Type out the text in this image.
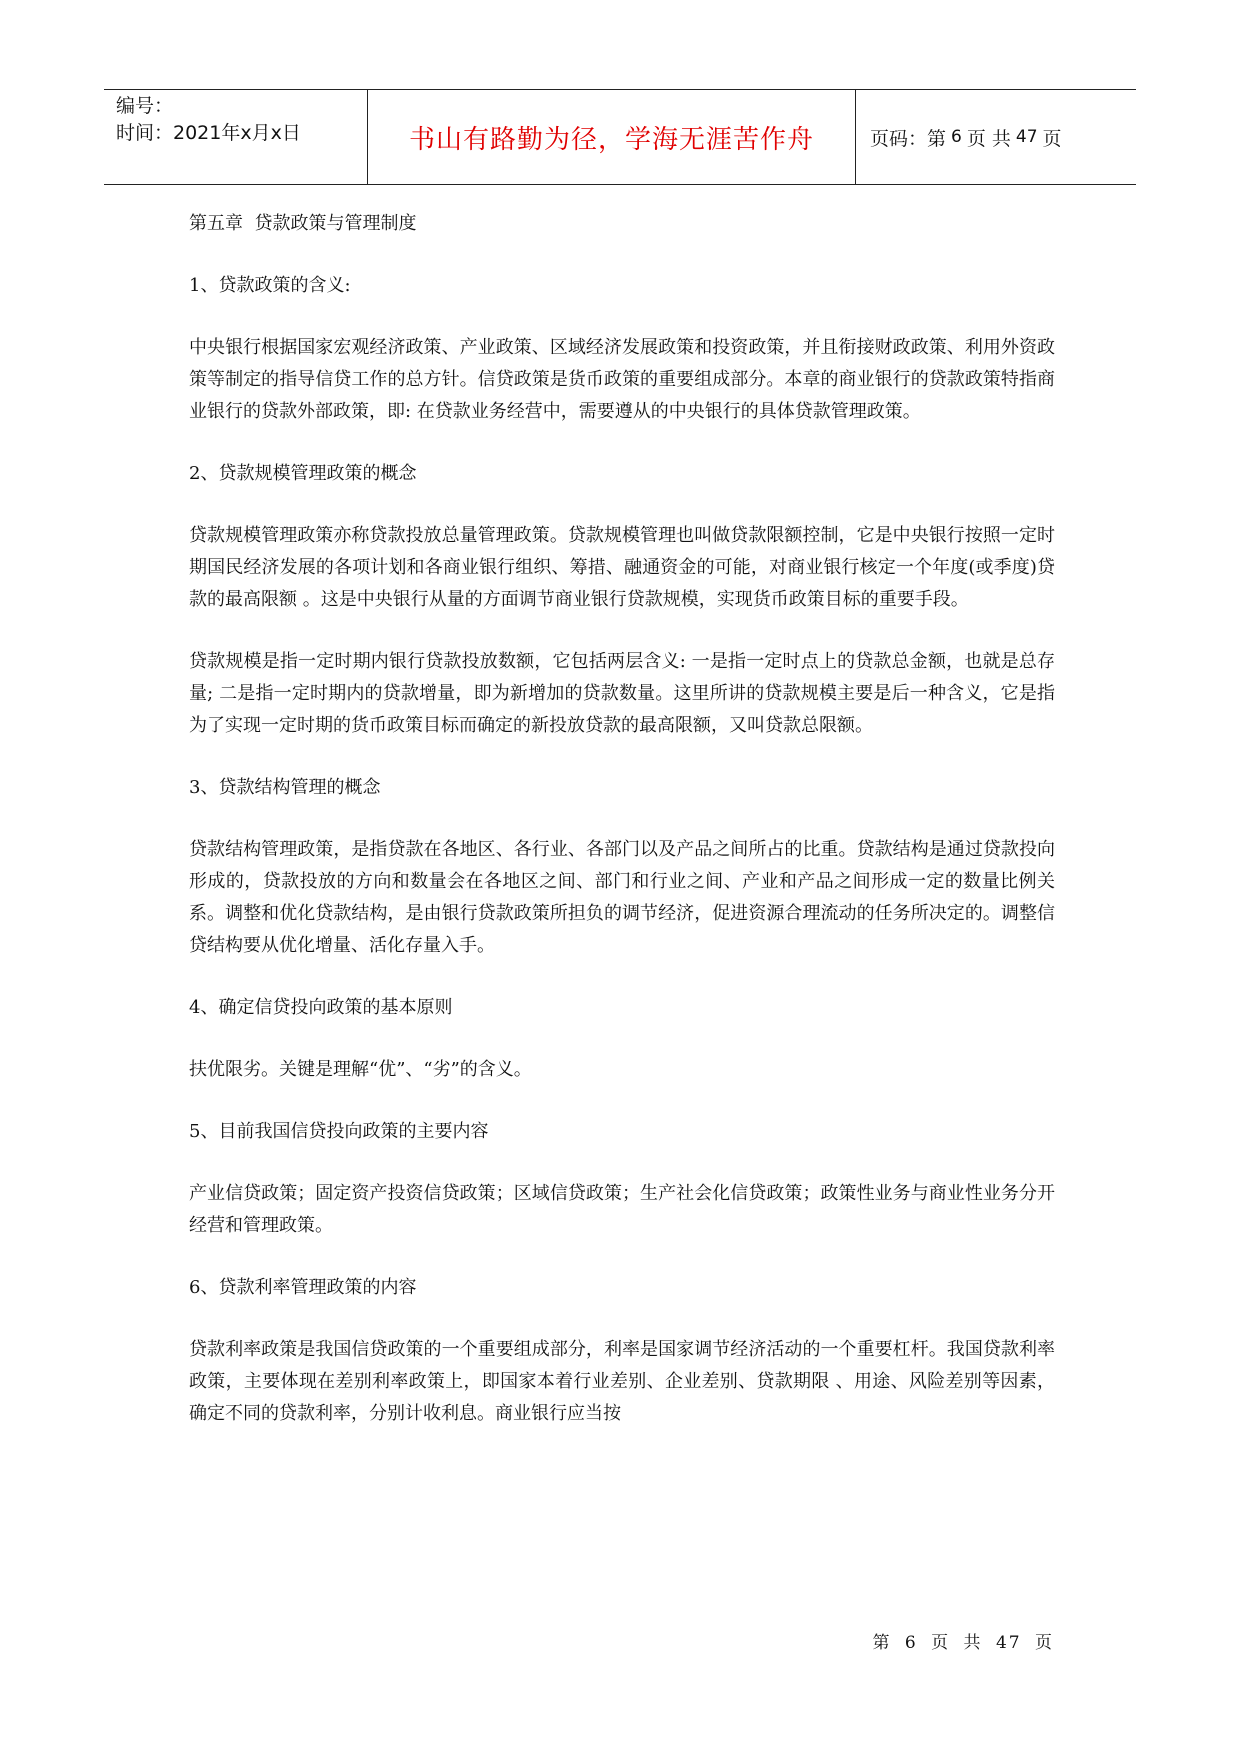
编号：
时间：2021年x月x日	书山有路勤为径，学海无涯苦作舟	页码：第 6 页 共 47 页

第五章  贷款政策与管理制度

1、贷款政策的含义:

中央银行根据国家宏观经济政策、产业政策、区域经济发展政策和投资政策，并且衔接财政政策、利用外资政策等制定的指导信贷工作的总方针。信贷政策是货币政策的重要组成部分。本章的商业银行的贷款政策特指商业银行的贷款外部政策，即: 在贷款业务经营中，需要遵从的中央银行的具体贷款管理政策。

2、贷款规模管理政策的概念

贷款规模管理政策亦称贷款投放总量管理政策。贷款规模管理也叫做贷款限额控制，它是中央银行按照一定时期国民经济发展的各项计划和各商业银行组织、筹措、融通资金的可能，对商业银行核定一个年度(或季度)贷款的最高限额 。这是中央银行从量的方面调节商业银行贷款规模，实现货币政策目标的重要手段。

贷款规模是指一定时期内银行贷款投放数额，它包括两层含义: 一是指一定时点上的贷款总金额，也就是总存量; 二是指一定时期内的贷款增量，即为新增加的贷款数量。这里所讲的贷款规模主要是后一种含义，它是指为了实现一定时期的货币政策目标而确定的新投放贷款的最高限额，又叫贷款总限额。

3、贷款结构管理的概念

贷款结构管理政策，是指贷款在各地区、各行业、各部门以及产品之间所占的比重。贷款结构是通过贷款投向形成的，贷款投放的方向和数量会在各地区之间、部门和行业之间、产业和产品之间形成一定的数量比例关系。调整和优化贷款结构，是由银行贷款政策所担负的调节经济，促进资源合理流动的任务所决定的。调整信贷结构要从优化增量、活化存量入手。

4、确定信贷投向政策的基本原则

扶优限劣。关键是理解“优”、“劣”的含义。

5、目前我国信贷投向政策的主要内容

产业信贷政策；固定资产投资信贷政策；区域信贷政策；生产社会化信贷政策；政策性业务与商业性业务分开经营和管理政策。

6、贷款利率管理政策的内容

贷款利率政策是我国信贷政策的一个重要组成部分，利率是国家调节经济活动的一个重要杠杆。我国贷款利率政策，主要体现在差别利率政策上，即国家本着行业差别、企业差别、贷款期限 、用途、风险差别等因素，确定不同的贷款利率，分别计收利息。商业银行应当按

第 6 页 共 47 页
